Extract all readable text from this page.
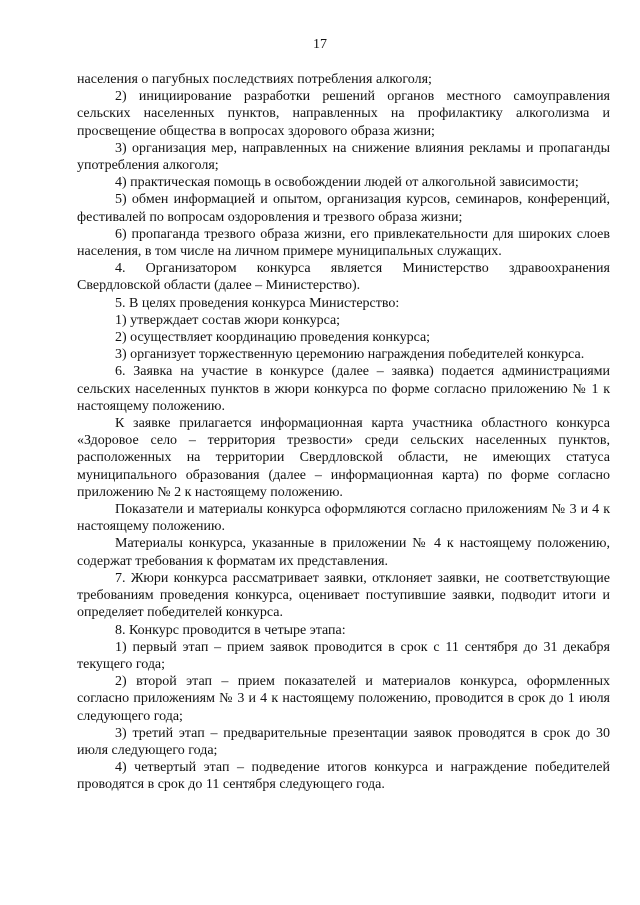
17

населения о пагубных последствиях потребления алкоголя;

2) инициирование разработки решений органов местного самоуправления сельских населенных пунктов, направленных на профилактику алкоголизма и просвещение общества в вопросах здорового образа жизни;

3) организация мер, направленных на снижение влияния рекламы и пропаганды употребления алкоголя;

4) практическая помощь в освобождении людей от алкогольной зависимости;

5) обмен информацией и опытом, организация курсов, семинаров, конференций, фестивалей по вопросам оздоровления и трезвого образа жизни;

6) пропаганда трезвого образа жизни, его привлекательности для широких слоев населения, в том числе на личном примере муниципальных служащих.

4. Организатором конкурса является Министерство здравоохранения Свердловской области (далее – Министерство).

5. В целях проведения конкурса Министерство:

1) утверждает состав жюри конкурса;

2) осуществляет координацию проведения конкурса;

3) организует торжественную церемонию награждения победителей конкурса.

6. Заявка на участие в конкурсе (далее – заявка) подается администрациями сельских населенных пунктов в жюри конкурса по форме согласно приложению № 1 к настоящему положению.

К заявке прилагается информационная карта участника областного конкурса «Здоровое село – территория трезвости» среди сельских населенных пунктов, расположенных на территории Свердловской области, не имеющих статуса муниципального образования (далее – информационная карта) по форме согласно приложению № 2 к настоящему положению.

Показатели и материалы конкурса оформляются согласно приложениям № 3 и 4 к настоящему положению.

Материалы конкурса, указанные в приложении № 4 к настоящему положению, содержат требования к форматам их представления.

7. Жюри конкурса рассматривает заявки, отклоняет заявки, не соответствующие требованиям проведения конкурса, оценивает поступившие заявки, подводит итоги и определяет победителей конкурса.

8. Конкурс проводится в четыре этапа:

1) первый этап – прием заявок проводится в срок с 11 сентября до 31 декабря текущего года;

2) второй этап – прием показателей и материалов конкурса, оформленных согласно приложениям № 3 и 4 к настоящему положению, проводится в срок до 1 июля следующего года;

3) третий этап – предварительные презентации заявок проводятся в срок до 30 июля следующего года;

4) четвертый этап – подведение итогов конкурса и награждение победителей проводятся в срок до 11 сентября следующего года.
